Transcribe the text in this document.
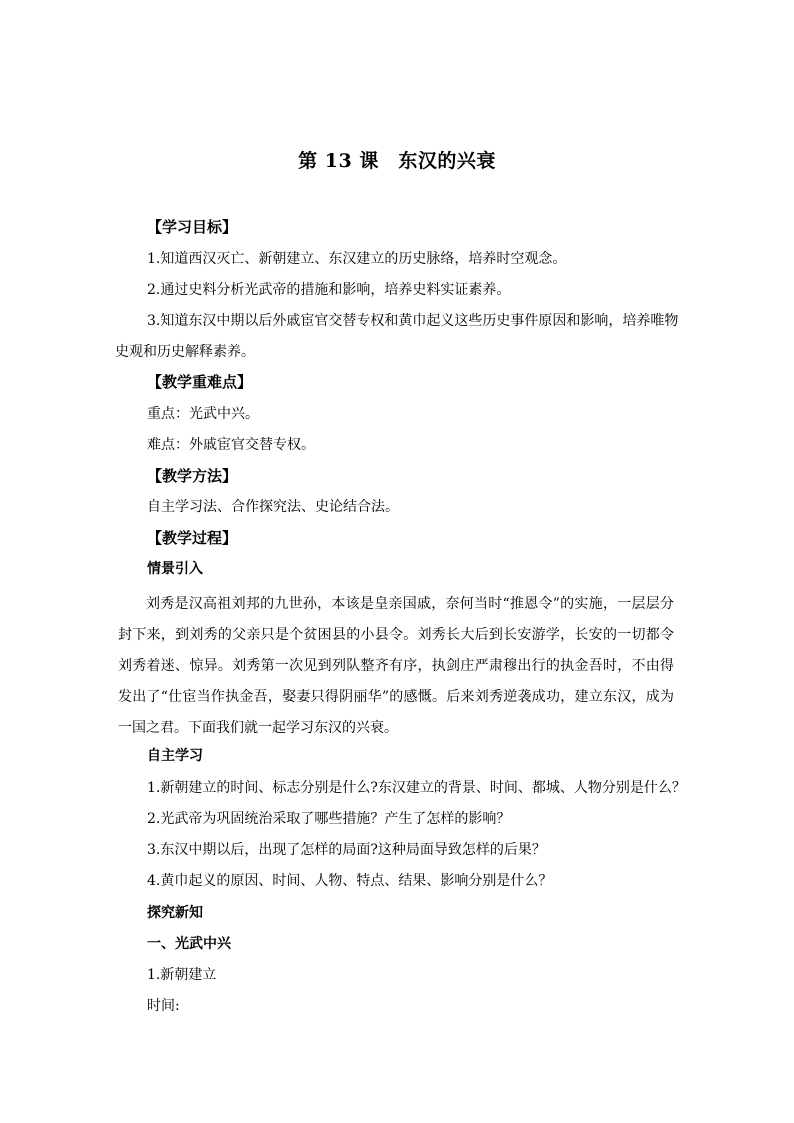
第 13 课　东汉的兴衰
【学习目标】
1.知道西汉灭亡、新朝建立、东汉建立的历史脉络，培养时空观念。
2.通过史料分析光武帝的措施和影响，培养史料实证素养。
3.知道东汉中期以后外戚宦官交替专权和黄巾起义这些历史事件原因和影响，培养唯物
史观和历史解释素养。
【教学重难点】
重点：光武中兴。
难点：外戚宦官交替专权。
【教学方法】
自主学习法、合作探究法、史论结合法。
【教学过程】
情景引入
刘秀是汉高祖刘邦的九世孙，本该是皇亲国戚，奈何当时“推恩令”的实施，一层层分封下来，到刘秀的父亲只是个贫困县的小县令。刘秀长大后到长安游学，长安的一切都令刘秀着迷、惊异。刘秀第一次见到列队整齐有序，执剑庄严肃穆出行的执金吾时，不由得发出了“仕宦当作执金吾，娶妻只得阴丽华”的感慨。后来刘秀逆袭成功，建立东汉，成为一国之君。下面我们就一起学习东汉的兴衰。
自主学习
1.新朝建立的时间、标志分别是什么?东汉建立的背景、时间、都城、人物分别是什么？
2.光武帝为巩固统治采取了哪些措施？产生了怎样的影响？
3.东汉中期以后，出现了怎样的局面?这种局面导致怎样的后果？
4.黄巾起义的原因、时间、人物、特点、结果、影响分别是什么？
探究新知
一、光武中兴
1.新朝建立
时间:
